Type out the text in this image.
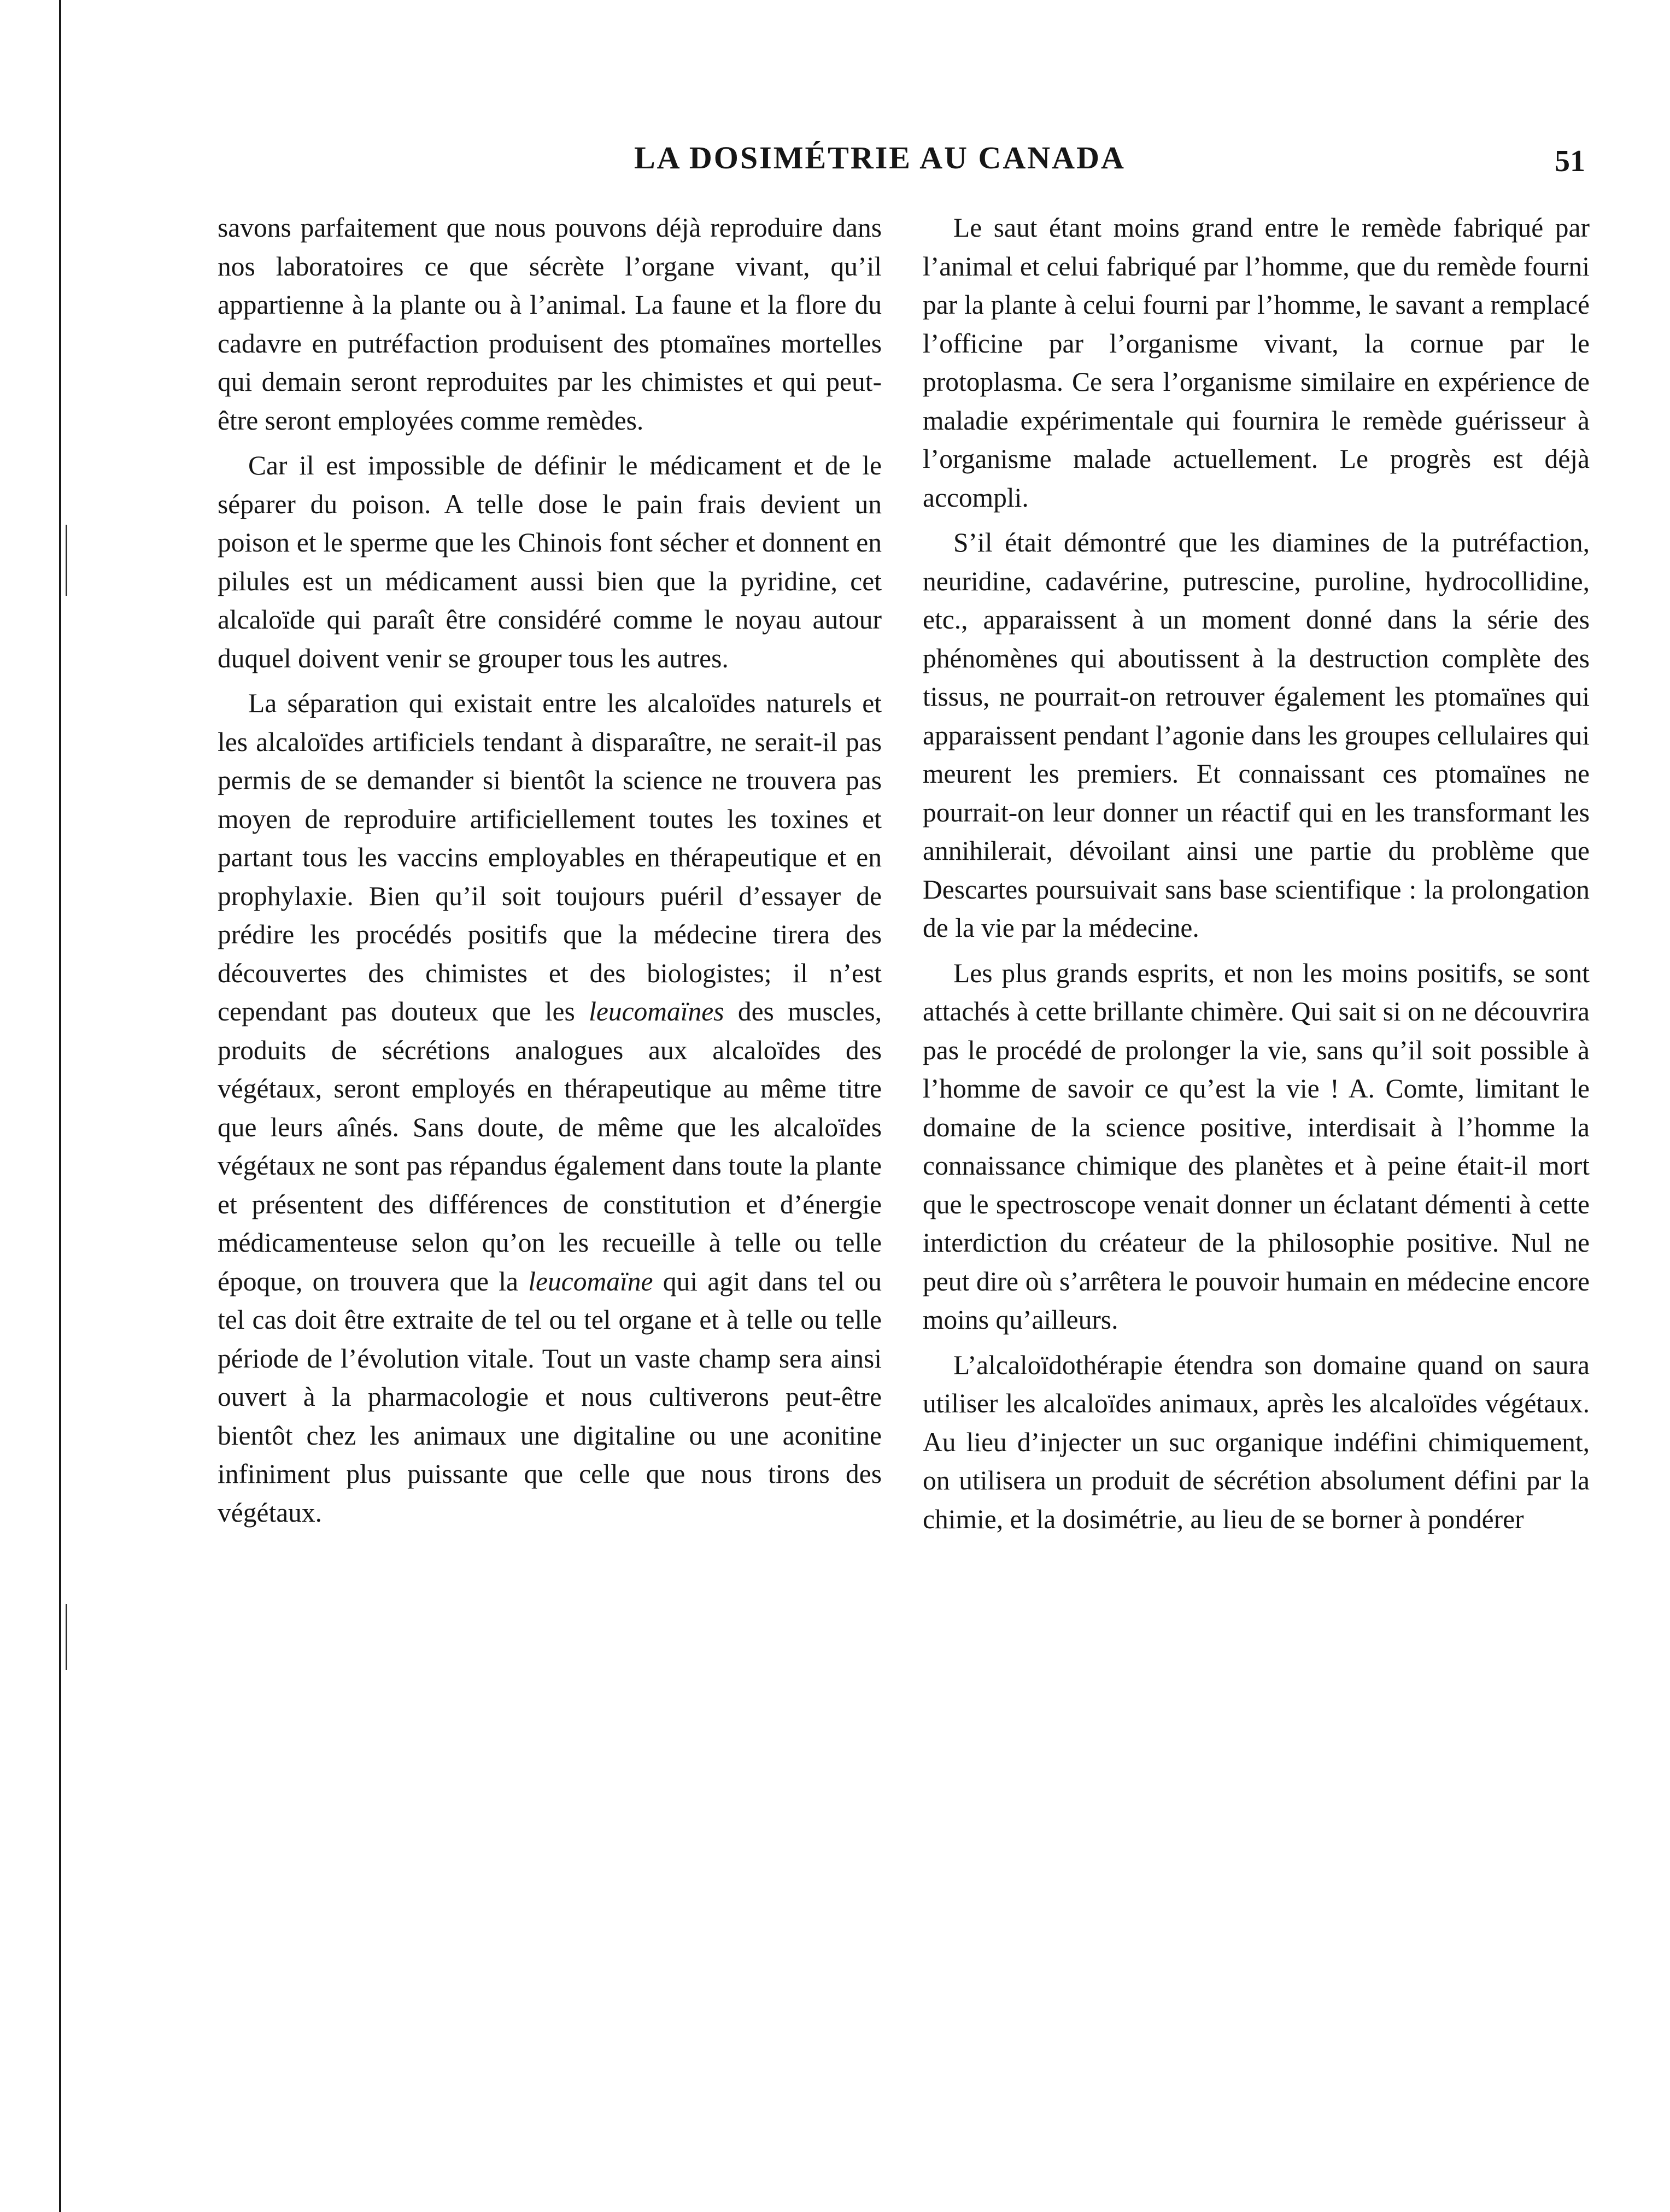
LA DOSIMÉTRIE AU CANADA	51

savons parfaitement que nous pouvons déjà reproduire dans nos laboratoires ce que sécrète l’organe vivant, qu’il appartienne à la plante ou à l’animal. La faune et la flore du cadavre en putréfaction produisent des ptomaïnes mortelles qui demain seront reproduites par les chimistes et qui peut-être seront employées comme remèdes.

Car il est impossible de définir le médicament et de le séparer du poison. A telle dose le pain frais devient un poison et le sperme que les Chinois font sécher et donnent en pilules est un médicament aussi bien que la pyridine, cet alcaloïde qui paraît être considéré comme le noyau autour duquel doivent venir se grouper tous les autres.

La séparation qui existait entre les alcaloïdes naturels et les alcaloïdes artificiels tendant à disparaître, ne serait-il pas permis de se demander si bientôt la science ne trouvera pas moyen de reproduire artificiellement toutes les toxines et partant tous les vaccins employables en thérapeutique et en prophylaxie. Bien qu’il soit toujours puéril d’essayer de prédire les procédés positifs que la médecine tirera des découvertes des chimistes et des biologistes; il n’est cependant pas douteux que les leucomaïnes des muscles, produits de sécrétions analogues aux alcaloïdes des végétaux, seront employés en thérapeutique au même titre que leurs aînés. Sans doute, de même que les alcaloïdes végétaux ne sont pas répandus également dans toute la plante et présentent des différences de constitution et d’énergie médicamenteuse selon qu’on les recueille à telle ou telle époque, on trouvera que la leucomaïne qui agit dans tel ou tel cas doit être extraite de tel ou tel organe et à telle ou telle période de l’évolution vitale. Tout un vaste champ sera ainsi ouvert à la pharmacologie et nous cultiverons peut-être bientôt chez les animaux une digitaline ou une aconitine infiniment plus puissante que celle que nous tirons des végétaux.

Le saut étant moins grand entre le remède fabriqué par l’animal et celui fabriqué par l’homme, que du remède fourni par la plante à celui fourni par l’homme, le savant a remplacé l’officine par l’organisme vivant, la cornue par le protoplasma. Ce sera l’organisme similaire en expérience de maladie expérimentale qui fournira le remède guérisseur à l’organisme malade actuellement. Le progrès est déjà accompli.

S’il était démontré que les diamines de la putréfaction, neuridine, cadavérine, putrescine, puroline, hydrocollidine, etc., apparaissent à un moment donné dans la série des phénomènes qui aboutissent à la destruction complète des tissus, ne pourrait-on retrouver également les ptomaïnes qui apparaissent pendant l’agonie dans les groupes cellulaires qui meurent les premiers. Et connaissant ces ptomaïnes ne pourrait-on leur donner un réactif qui en les transformant les annihilerait, dévoilant ainsi une partie du problème que Descartes poursuivait sans base scientifique : la prolongation de la vie par la médecine.

Les plus grands esprits, et non les moins positifs, se sont attachés à cette brillante chimère. Qui sait si on ne découvrira pas le procédé de prolonger la vie, sans qu’il soit possible à l’homme de savoir ce qu’est la vie ! A. Comte, limitant le domaine de la science positive, interdisait à l’homme la connaissance chimique des planètes et à peine était-il mort que le spectroscope venait donner un éclatant démenti à cette interdiction du créateur de la philosophie positive. Nul ne peut dire où s’arrêtera le pouvoir humain en médecine encore moins qu’ailleurs.

L’alcaloïdothérapie étendra son domaine quand on saura utiliser les alcaloïdes animaux, après les alcaloïdes végétaux. Au lieu d’injecter un suc organique indéfini chimiquement, on utilisera un produit de sécrétion absolument défini par la chimie, et la dosimétrie, au lieu de se borner à pondérer
